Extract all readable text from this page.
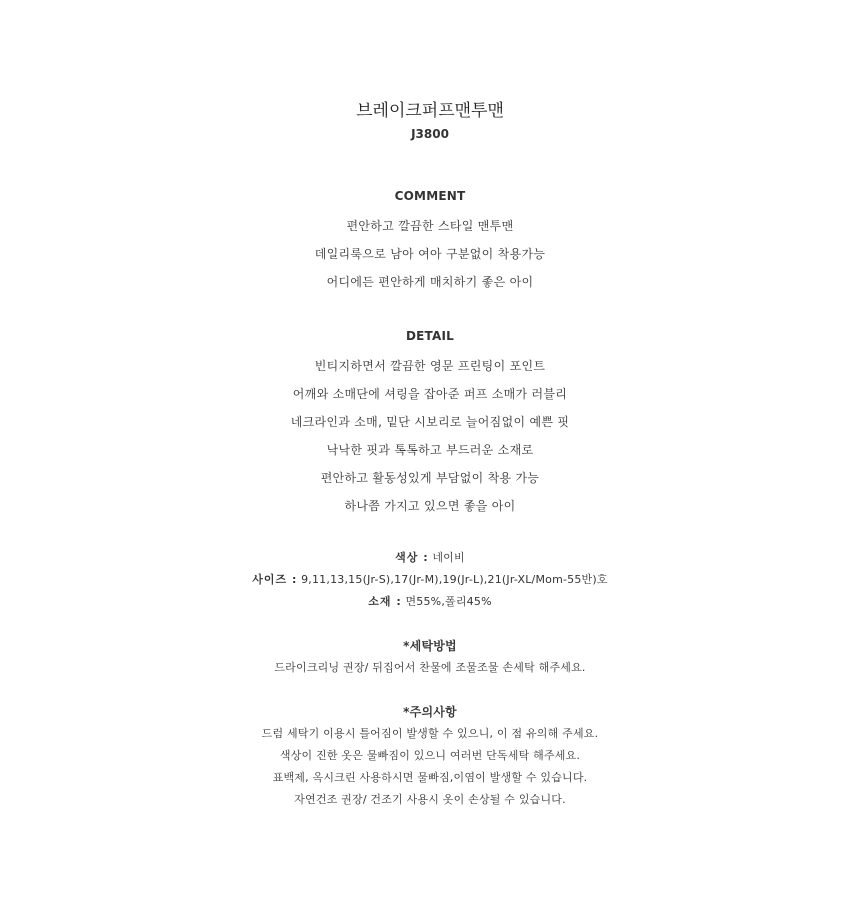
브레이크퍼프맨투맨
J3800
COMMENT
편안하고 깔끔한 스타일 맨투맨
데일리룩으로 남아 여아 구분없이 착용가능
어디에든 편안하게 매치하기 좋은 아이
DETAIL
빈티지하면서 깔끔한 영문 프린팅이 포인트
어깨와 소매단에 셔링을 잡아준 퍼프 소매가 러블리
네크라인과 소매, 밑단 시보리로 늘어짐없이 예쁜 핏
낙낙한 핏과 톡톡하고 부드러운 소재로
편안하고 활동성있게 부담없이 착용 가능
하나쯤 가지고 있으면 좋을 아이
색상 : 네이비
사이즈 : 9,11,13,15(Jr-S),17(Jr-M),19(Jr-L),21(Jr-XL/Mom-55반)호
소재 : 면55%,폴리45%
*세탁방법
드라이크리닝 권장/ 뒤집어서 찬물에 조물조물 손세탁 해주세요.
*주의사항
드럼 세탁기 이용시 틀어짐이 발생할 수 있으니, 이 점 유의해 주세요.
색상이 진한 옷은 물빠짐이 있으니 여러번 단독세탁 해주세요.
표백제, 옥시크린 사용하시면 물빠짐,이염이 발생할 수 있습니다.
자연건조 권장/ 건조기 사용시 옷이 손상될 수 있습니다.
